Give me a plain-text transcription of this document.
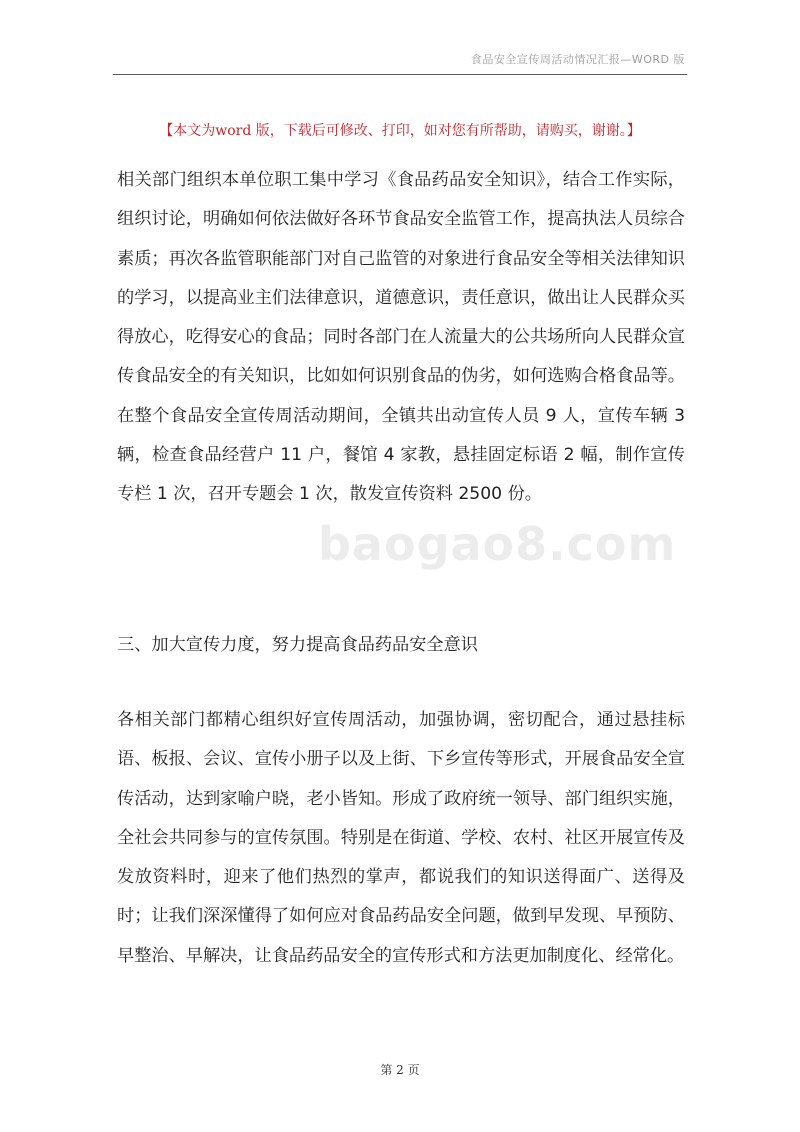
食品安全宣传周活动情况汇报—WORD 版
【本文为word 版，下载后可修改、打印，如对您有所帮助，请购买，谢谢。】

相关部门组织本单位职工集中学习《食品药品安全知识》，结合工作实际，组织讨论，明确如何依法做好各环节食品安全监管工作，提高执法人员综合素质；再次各监管职能部门对自己监管的对象进行食品安全等相关法律知识的学习，以提高业主们法律意识，道德意识，责任意识，做出让人民群众买得放心，吃得安心的食品；同时各部门在人流量大的公共场所向人民群众宣传食品安全的有关知识，比如如何识别食品的伪劣，如何选购合格食品等。在整个食品安全宣传周活动期间，全镇共出动宣传人员 9 人，宣传车辆 3 辆，检查食品经营户 11 户，餐馆 4 家教，悬挂固定标语 2 幅，制作宣传专栏 1 次，召开专题会 1 次，散发宣传资料 2500 份。

baogao8.com
三、加大宣传力度，努力提高食品药品安全意识

各相关部门都精心组织好宣传周活动，加强协调，密切配合，通过悬挂标语、板报、会议、宣传小册子以及上街、下乡宣传等形式，开展食品安全宣传活动，达到家喻户晓，老小皆知。形成了政府统一领导、部门组织实施，全社会共同参与的宣传氛围。特别是在街道、学校、农村、社区开展宣传及发放资料时，迎来了他们热烈的掌声，都说我们的知识送得面广、送得及时；让我们深深懂得了如何应对食品药品安全问题，做到早发现、早预防、早整治、早解决，让食品药品安全的宣传形式和方法更加制度化、经常化。

第 2 页
